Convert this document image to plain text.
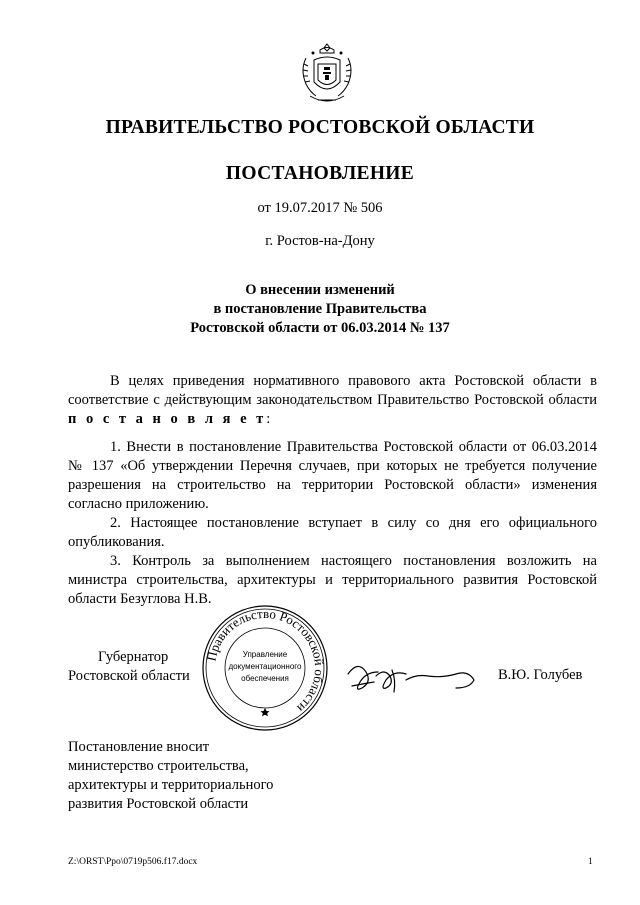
ПРАВИТЕЛЬСТВО РОСТОВСКОЙ ОБЛАСТИ
ПОСТАНОВЛЕНИЕ
от 19.07.2017 № 506
г. Ростов-на-Дону
О внесении изменений
в постановление Правительства
Ростовской области от 06.03.2014 № 137
В целях приведения нормативного правового акта Ростовской области в соответствие с действующим законодательством Правительство Ростовской области п о с т а н о в л я е т:

1. Внести в постановление Правительства Ростовской области от 06.03.2014 № 137 «Об утверждении Перечня случаев, при которых не требуется получение разрешения на строительство на территории Ростовской области» изменения согласно приложению.

2. Настоящее постановление вступает в силу со дня его официального опубликования.

3. Контроль за выполнением настоящего постановления возложить на министра строительства, архитектуры и территориального развития Ростовской области Безуглова Н.В.

Губернатор
Ростовской области
Правительство Ростовской области
Управление
документационного
обеспечения	В.Ю. Голубев
Постановление вносит
министерство строительства,
архитектуры и территориального
развития Ростовской области
Z:\ORST\Ppo\0719p506.f17.docx	1
